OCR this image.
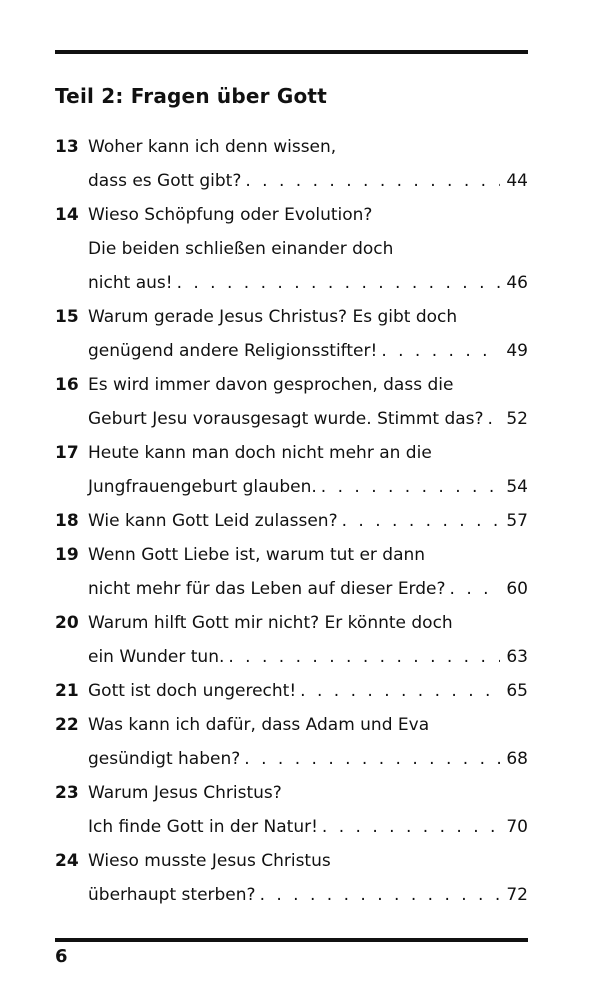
Teil 2: Fragen über Gott
13 Woher kann ich denn wissen,
dass es Gott gibt? . . .	44
14 Wieso Schöpfung oder Evolution?
Die beiden schließen einander doch
nicht aus! . . .	46
15 Warum gerade Jesus Christus? Es gibt doch
genügend andere Religionsstifter! . . .	49
16 Es wird immer davon gesprochen, dass die
Geburt Jesu vorausgesagt wurde. Stimmt das? . . .	52
17 Heute kann man doch nicht mehr an die
Jungfrauengeburt glauben. . . .	54
18 Wie kann Gott Leid zulassen? . . .	57
19 Wenn Gott Liebe ist, warum tut er dann
nicht mehr für das Leben auf dieser Erde? . . .	60
20 Warum hilft Gott mir nicht? Er könnte doch
ein Wunder tun. . . .	63
21 Gott ist doch ungerecht! . . .	65
22 Was kann ich dafür, dass Adam und Eva
gesündigt haben? . . .	68
23 Warum Jesus Christus?
Ich finde Gott in der Natur! . . .	70
24 Wieso musste Jesus Christus
überhaupt sterben? . . .	72
6
